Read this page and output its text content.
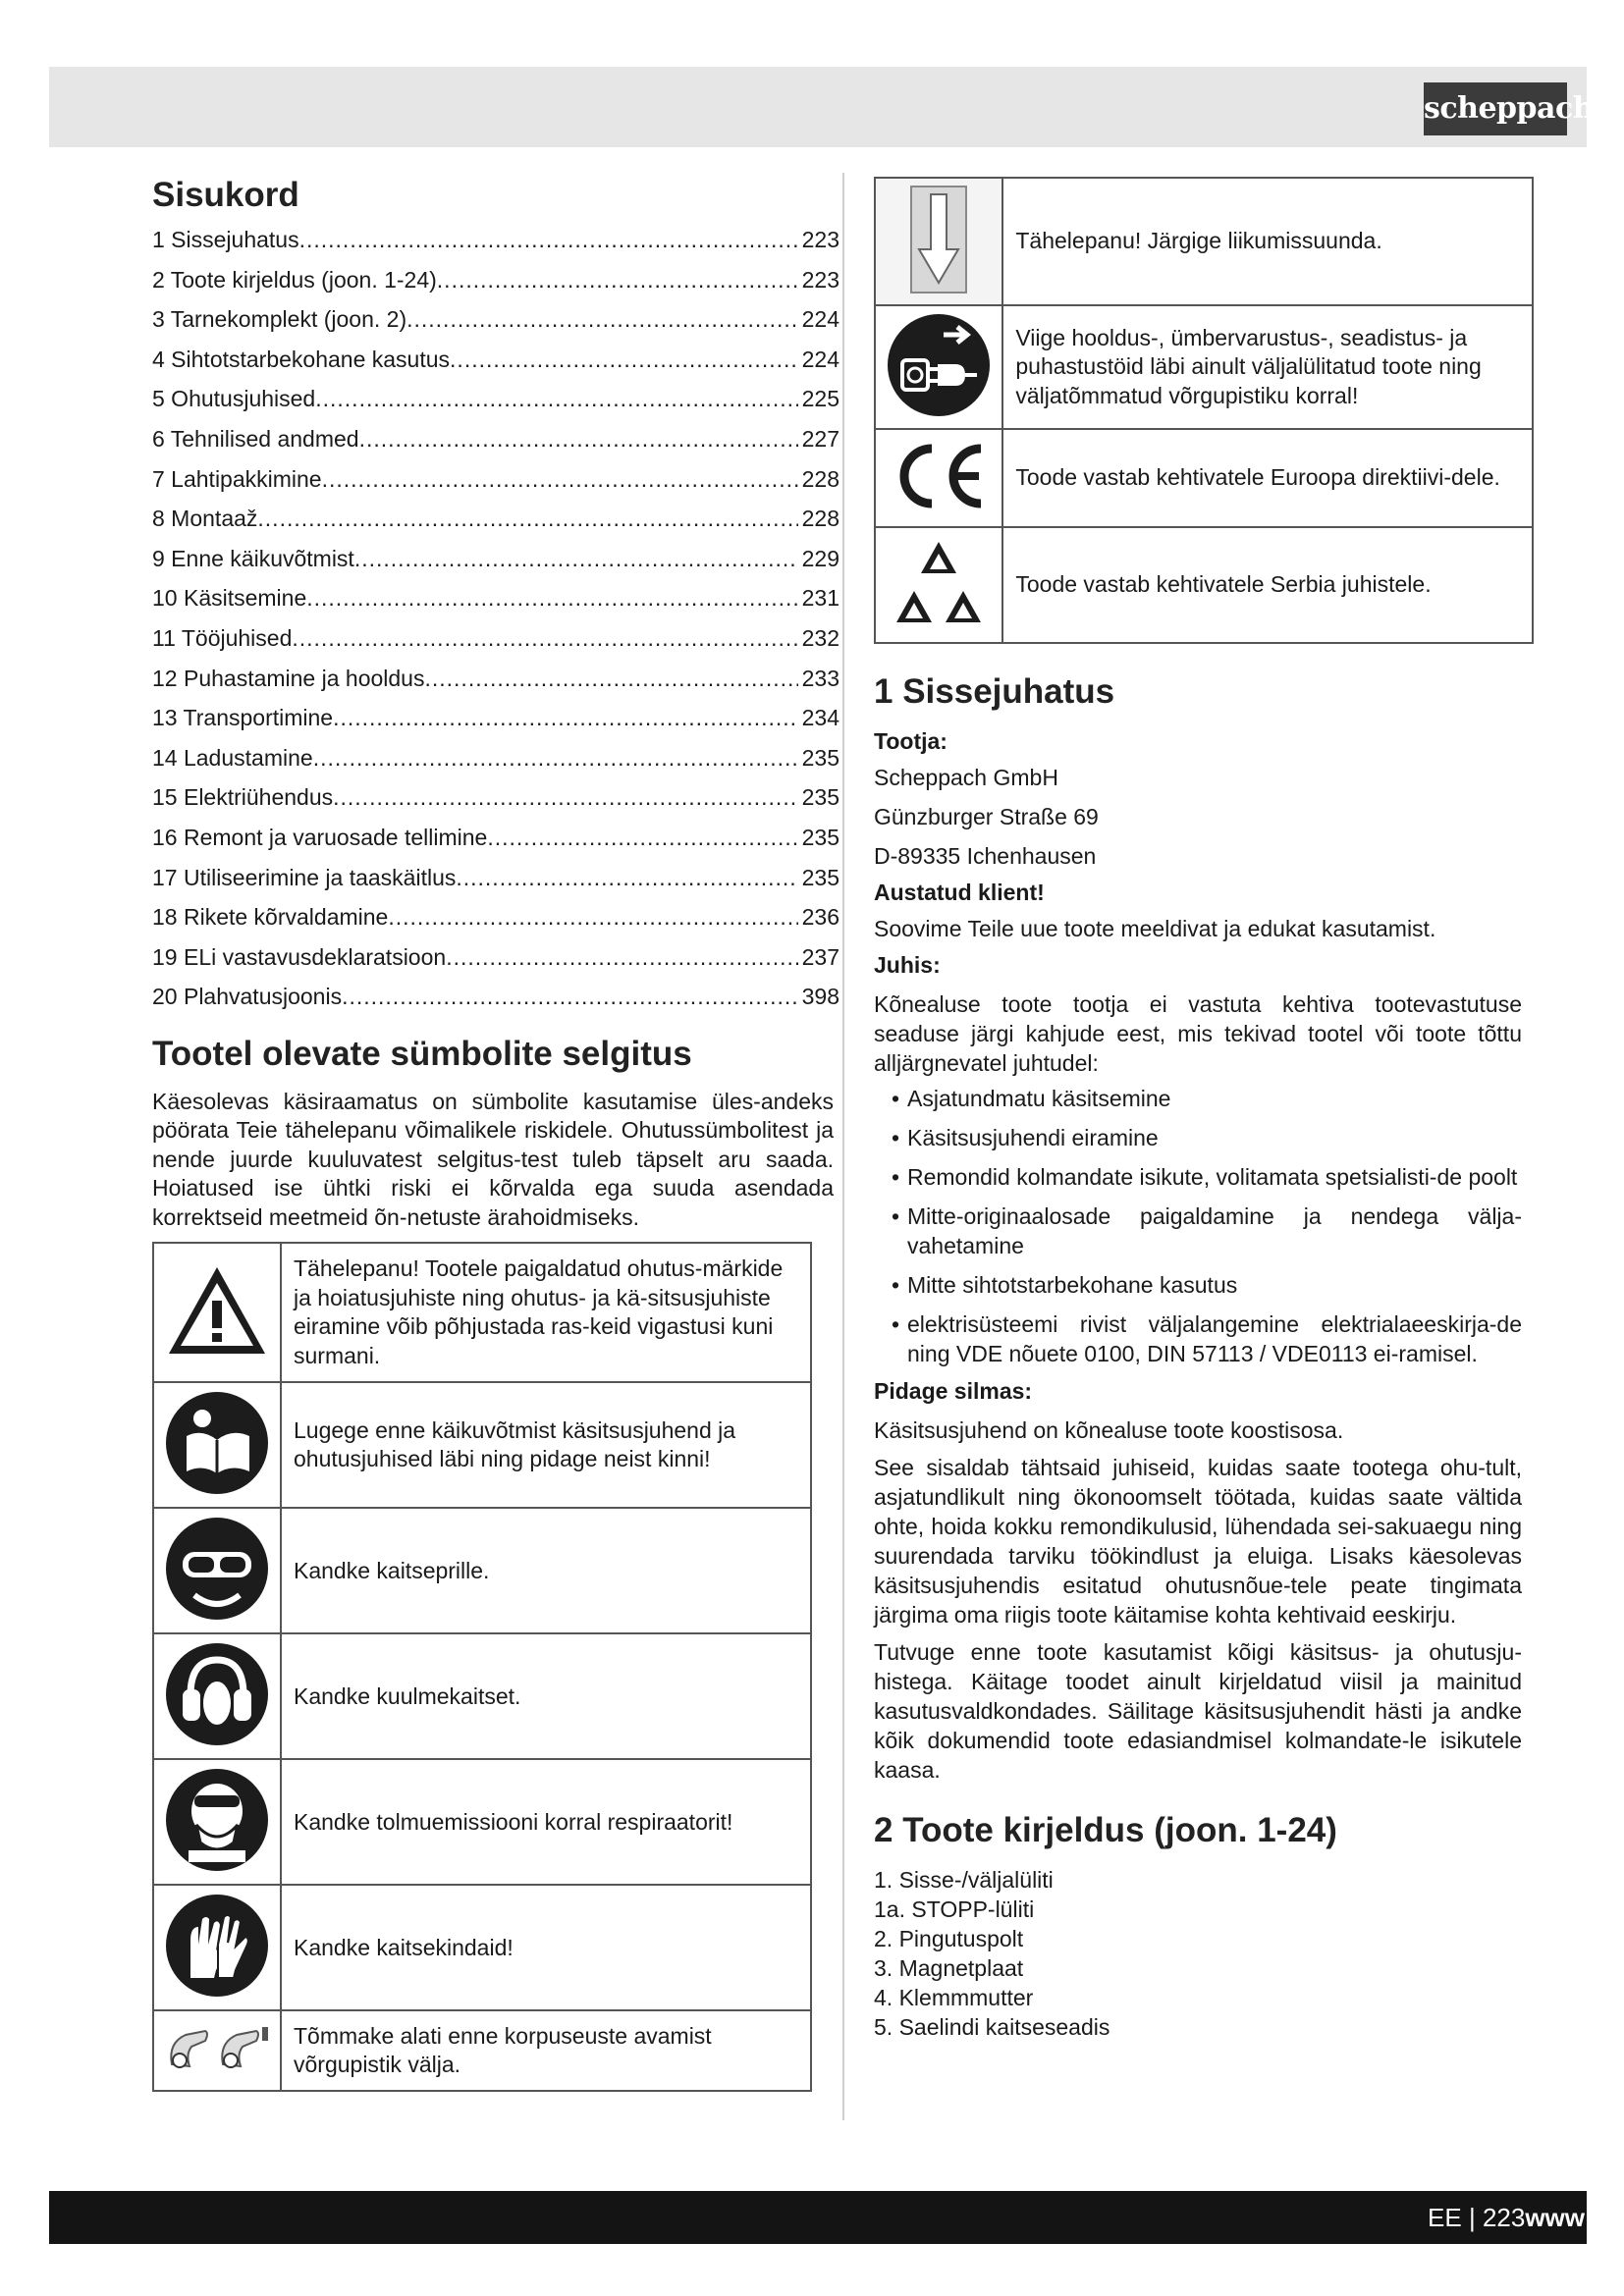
scheppach
Sisukord
1 Sissejuhatus .....	223
2 Toote kirjeldus (joon. 1-24) .....	223
3 Tarnekomplekt (joon. 2) .....	224
4 Sihtotstarbekohane kasutus .....	224
5 Ohutusjuhised .....	225
6 Tehnilised andmed .....	227
7 Lahtipakkimine .....	228
8 Montaaž .....	228
9 Enne käikuvõtmist .....	229
10 Käsitsemine .....	231
11 Tööjuhised .....	232
12 Puhastamine ja hooldus .....	233
13 Transportimine .....	234
14 Ladustamine .....	235
15 Elektriühendus .....	235
16 Remont ja varuosade tellimine .....	235
17 Utiliseerimine ja taaskäitlus .....	235
18 Rikete kõrvaldamine .....	236
19 ELi vastavusdeklaratsioon .....	237
20 Plahvatusjoonis .....	398
Tootel olevate sümbolite selgitus

Käesolevas käsiraamatus on sümbolite kasutamise üles-andeks pöörata Teie tähelepanu võimalikele riskidele. Ohutussümbolitest ja nende juurde kuuluvatest selgitus-test tuleb täpselt aru saada. Hoiatused ise ühtki riski ei kõrvalda ega suuda asendada korrektseid meetmeid õn-netuste ärahoidmiseks.

	Tähelepanu! Tootele paigaldatud ohutus-märkide ja hoiatusjuhiste ning ohutus- ja kä-sitsusjuhiste eiramine võib põhjustada ras-keid vigastusi kuni surmani.
	Lugege enne käikuvõtmist käsitsusjuhend ja ohutusjuhised läbi ning pidage neist kinni!
	Kandke kaitseprille.
	Kandke kuulmekaitset.
	Kandke tolmuemissiooni korral respiraatorit!
	Kandke kaitsekindaid!
	Tõmmake alati enne korpuseuste avamist võrgupistik välja.
	Tähelepanu! Järgige liikumissuunda.
	Viige hooldus-, ümbervarustus-, seadistus- ja puhastustöid läbi ainult väljalülitatud toote ning väljatõmmatud võrgupistiku korral!
	Toode vastab kehtivatele Euroopa direktiivi-dele.
	Toode vastab kehtivatele Serbia juhistele.
1 Sissejuhatus

Tootja:

Scheppach GmbH

Günzburger Straße 69

D-89335 Ichenhausen

Austatud klient!

Soovime Teile uue toote meeldivat ja edukat kasutamist.

Juhis:

Kõnealuse toote tootja ei vastuta kehtiva tootevastutuse seaduse järgi kahjude eest, mis tekivad tootel või toote tõttu alljärgnevatel juhtudel:

• Asjatundmatu käsitsemine
• Käsitsusjuhendi eiramine
• Remondid kolmandate isikute, volitamata spetsialisti-de poolt
• Mitte-originaalosade paigaldamine ja nendega välja-vahetamine
• Mitte sihtotstarbekohane kasutus
• elektrisüsteemi rivist väljalangemine elektrialaeeskirja-de ning VDE nõuete 0100, DIN 57113 / VDE0113 ei-ramisel.

Pidage silmas:

Käsitsusjuhend on kõnealuse toote koostisosa.

See sisaldab tähtsaid juhiseid, kuidas saate tootega ohu-tult, asjatundlikult ning ökonoomselt töötada, kuidas saate vältida ohte, hoida kokku remondikulusid, lühendada sei-sakuaegu ning suurendada tarviku töökindlust ja eluiga. Lisaks käesolevas käsitsusjuhendis esitatud ohutusnõue-tele peate tingimata järgima oma riigis toote käitamise kohta kehtivaid eeskirju.

Tutvuge enne toote kasutamist kõigi käsitsus- ja ohutusju-histega. Käitage toodet ainult kirjeldatud viisil ja mainitud kasutusvaldkondades. Säilitage käsitsusjuhendit hästi ja andke kõik dokumendid toote edasiandmisel kolmandate-le isikutele kaasa.

2 Toote kirjeldus (joon. 1-24)
1. Sisse-/väljalüliti
1a. STOPP-lüliti
2. Pingutuspolt
3. Magnetplaat
4. Klemmmutter
5. Saelindi kaitseseadis
EE | 223www
